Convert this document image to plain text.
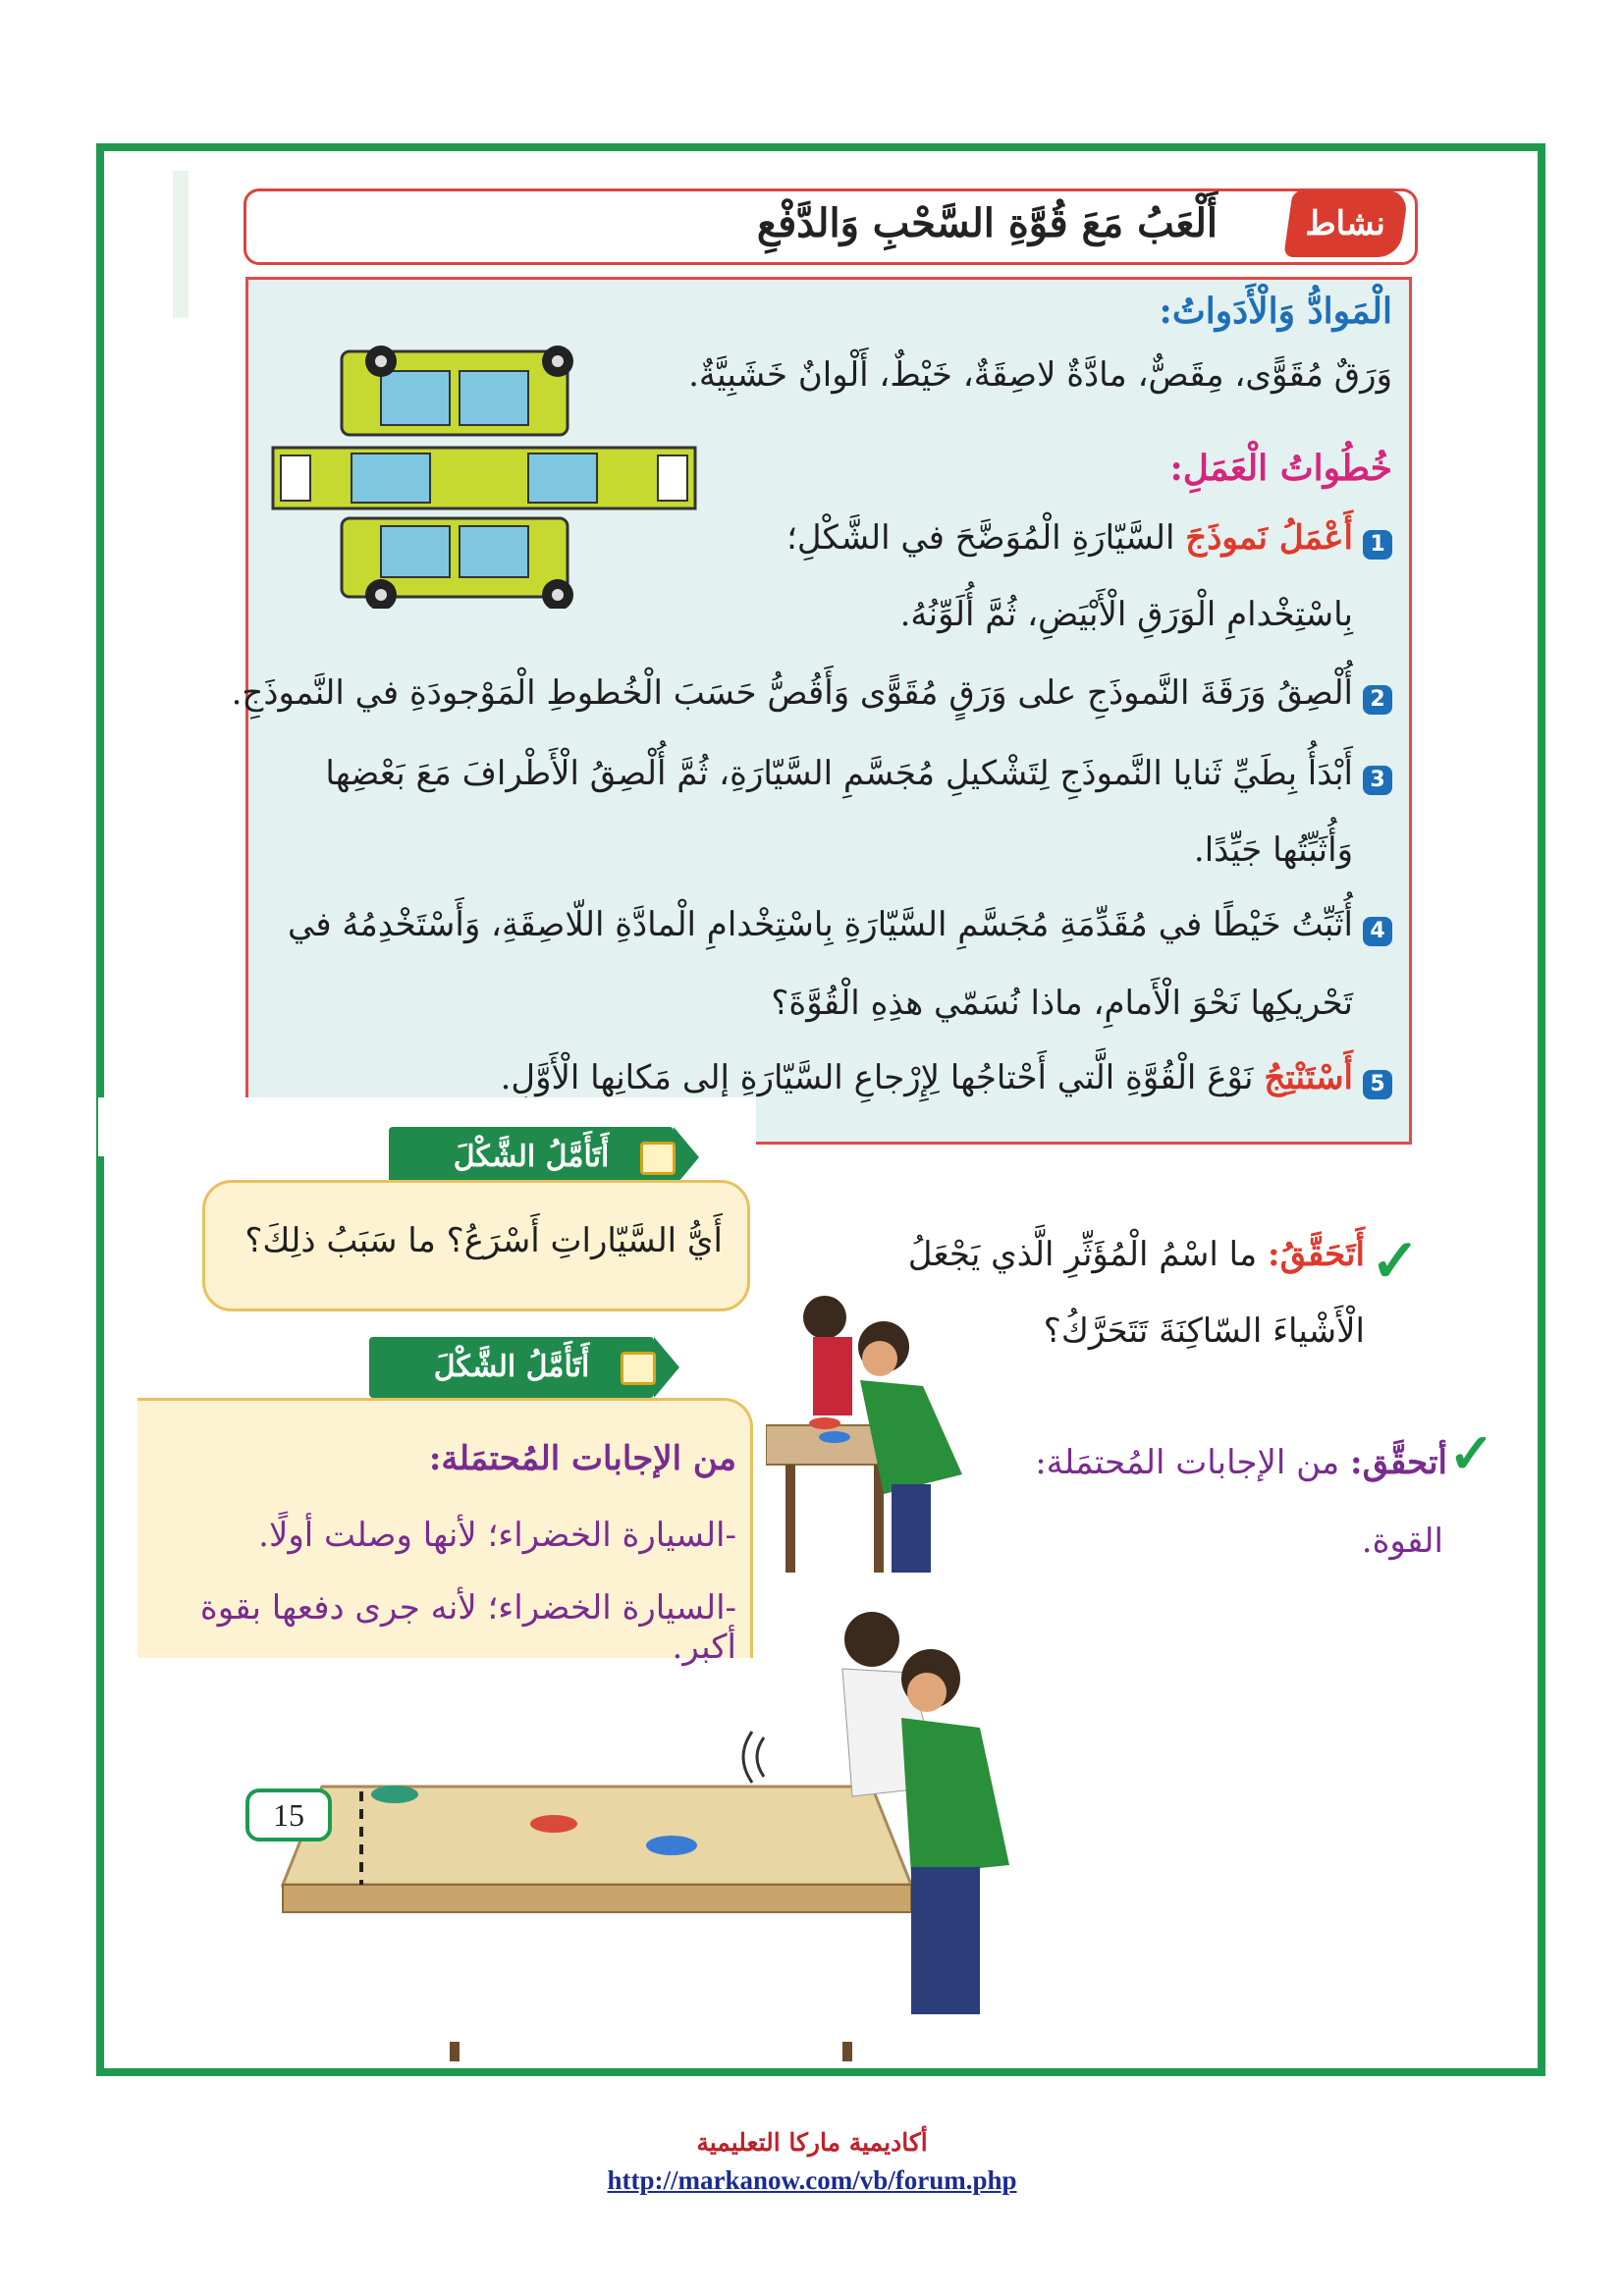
نشاط
أَلْعَبُ مَعَ قُوَّةِ السَّحْبِ وَالدَّفْعِ
الْمَوادُّ وَالْأَدَواتُ:
وَرَقٌ مُقَوًّى، مِقَصٌّ، مادَّةٌ لاصِقَةٌ، خَيْطٌ، أَلْوانٌ خَشَبِيَّةٌ.
خُطُواتُ الْعَمَلِ:
1
أَعْمَلُ نَموذَجَ السَّيّارَةِ الْمُوَضَّحَ في الشَّكْلِ؛
بِاسْتِخْدامِ الْوَرَقِ الْأَبْيَضِ، ثُمَّ أُلَوِّنُهُ.
2
أُلْصِقُ وَرَقَةَ النَّموذَجِ على وَرَقٍ مُقَوًّى وَأَقُصُّ حَسَبَ الْخُطوطِ الْمَوْجودَةِ في النَّموذَجِ.
3
أَبْدَأُ بِطَيِّ ثَنايا النَّموذَجِ لِتَشْكيلِ مُجَسَّمِ السَّيّارَةِ، ثُمَّ أُلْصِقُ الْأَطْرافَ مَعَ بَعْضِها
وَأُثَبِّتُها جَيِّدًا.
4
أُثَبِّتُ خَيْطًا في مُقَدِّمَةِ مُجَسَّمِ السَّيّارَةِ بِاسْتِخْدامِ الْمادَّةِ اللّاصِقَةِ، وَأَسْتَخْدِمُهُ في
تَحْريكِها نَحْوَ الْأَمامِ، ماذا نُسَمّي هذِهِ الْقُوَّةَ؟
5
أَسْتَنْتِجُ نَوْعَ الْقُوَّةِ الَّتي أَحْتاجُها لِإِرْجاعِ السَّيّارَةِ إِلى مَكانِها الْأَوَّلِ.
أَتَأَمَّلُ الشَّكْلَ
أَيُّ السَّيّاراتِ أَسْرَعُ؟ ما سَبَبُ ذلِكَ؟
أَتَأَمَّلُ الشَّكْلَ
من الإجابات المُحتمَلة:
-السيارة الخضراء؛ لأنها وصلت أولًا.
-السيارة الخضراء؛ لأنه جرى دفعها بقوة أكبر.
✓
أَتَحَقَّقُ: ما اسْمُ الْمُؤَثِّرِ الَّذي يَجْعَلُ
الْأَشْياءَ السّاكِنَةَ تَتَحَرَّكُ؟
✓
أتحقَّق: من الإجابات المُحتمَلة:
القوة.
15
أكاديمية ماركا التعليمية
http://markanow.com/vb/forum.php
